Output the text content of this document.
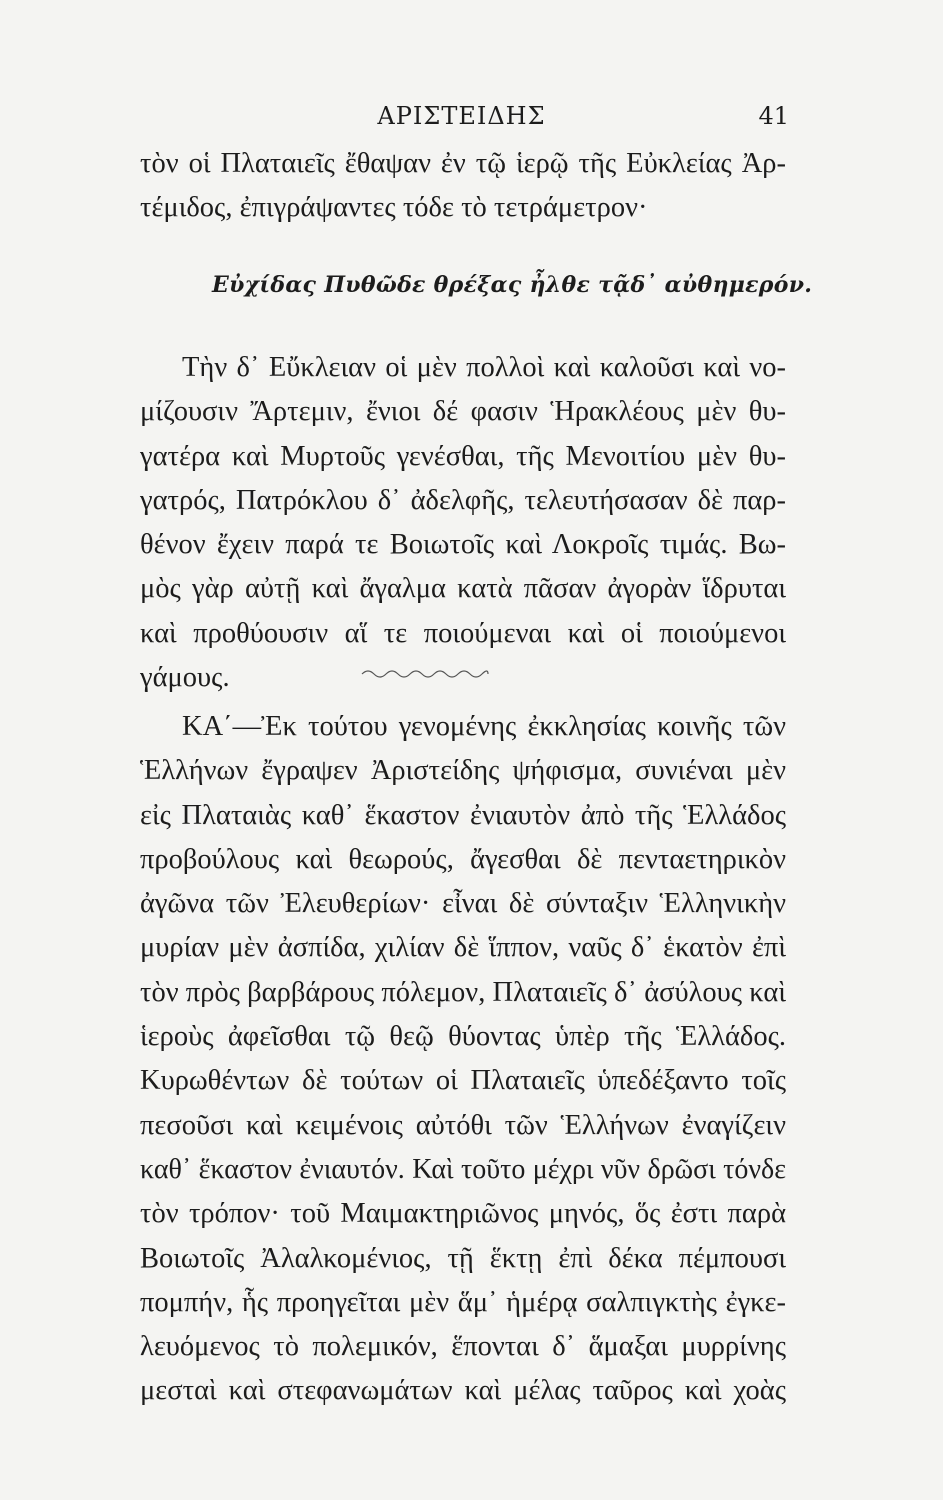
ΑΡΙΣΤΕΙΔΗΣ	41
τὸν οἱ Πλαταιεῖς ἔθαψαν ἐν τῷ ἱερῷ τῆς Εὐκλείας Ἀρ-
τέμιδος, ἐπιγράψαντες τόδε τὸ τετράμετρον·
Εὐχίδας Πυθῶδε θρέξας ἦλθε τᾷδ᾽ αὐθημερόν.
Τὴν δ᾽ Εὔκλειαν οἱ μὲν πολλοὶ καὶ καλοῦσι καὶ νο-
μίζουσιν Ἄρτεμιν, ἔνιοι δέ φασιν Ἡρακλέους μὲν θυ-
γατέρα καὶ Μυρτοῦς γενέσθαι, τῆς Μενοιτίου μὲν θυ-
γατρός, Πατρόκλου δ᾽ ἀδελφῆς, τελευτήσασαν δὲ παρ-
θένον ἔχειν παρά τε Βοιωτοῖς καὶ Λοκροῖς τιμάς. Βω-
μὸς γὰρ αὐτῇ καὶ ἄγαλμα κατὰ πᾶσαν ἀγορὰν ἵδρυται
καὶ προθύουσιν αἵ τε ποιούμεναι καὶ οἱ ποιούμενοι
γάμους.
ΚΑ΄—Ἐκ τούτου γενομένης ἐκκλησίας κοινῆς τῶν
Ἑλλήνων ἔγραψεν Ἀριστείδης ψήφισμα, συνιέναι μὲν
εἰς Πλαταιὰς καθ᾽ ἕκαστον ἐνιαυτὸν ἀπὸ τῆς Ἑλλάδος
προβούλους καὶ θεωρούς, ἄγεσθαι δὲ πενταετηρικὸν
ἀγῶνα τῶν Ἐλευθερίων· εἶναι δὲ σύνταξιν Ἑλληνικὴν
μυρίαν μὲν ἀσπίδα, χιλίαν δὲ ἵππον, ναῦς δ᾽ ἑκατὸν ἐπὶ
τὸν πρὸς βαρβάρους πόλεμον, Πλαταιεῖς δ᾽ ἀσύλους καὶ
ἱεροὺς ἀφεῖσθαι τῷ θεῷ θύοντας ὑπὲρ τῆς Ἑλλάδος.
Κυρωθέντων δὲ τούτων οἱ Πλαταιεῖς ὑπεδέξαντο τοῖς
πεσοῦσι καὶ κειμένοις αὐτόθι τῶν Ἑλλήνων ἐναγίζειν
καθ᾽ ἕκαστον ἐνιαυτόν. Καὶ τοῦτο μέχρι νῦν δρῶσι τόνδε
τὸν τρόπον· τοῦ Μαιμακτηριῶνος μηνός, ὅς ἐστι παρὰ
Βοιωτοῖς Ἀλαλκομένιος, τῇ ἕκτῃ ἐπὶ δέκα πέμπουσι
πομπήν, ἧς προηγεῖται μὲν ἅμ᾽ ἡμέρᾳ σαλπιγκτὴς ἐγκε-
λευόμενος τὸ πολεμικόν, ἕπονται δ᾽ ἅμαξαι μυρρίνης
μεσταὶ καὶ στεφανωμάτων καὶ μέλας ταῦρος καὶ χοὰς
